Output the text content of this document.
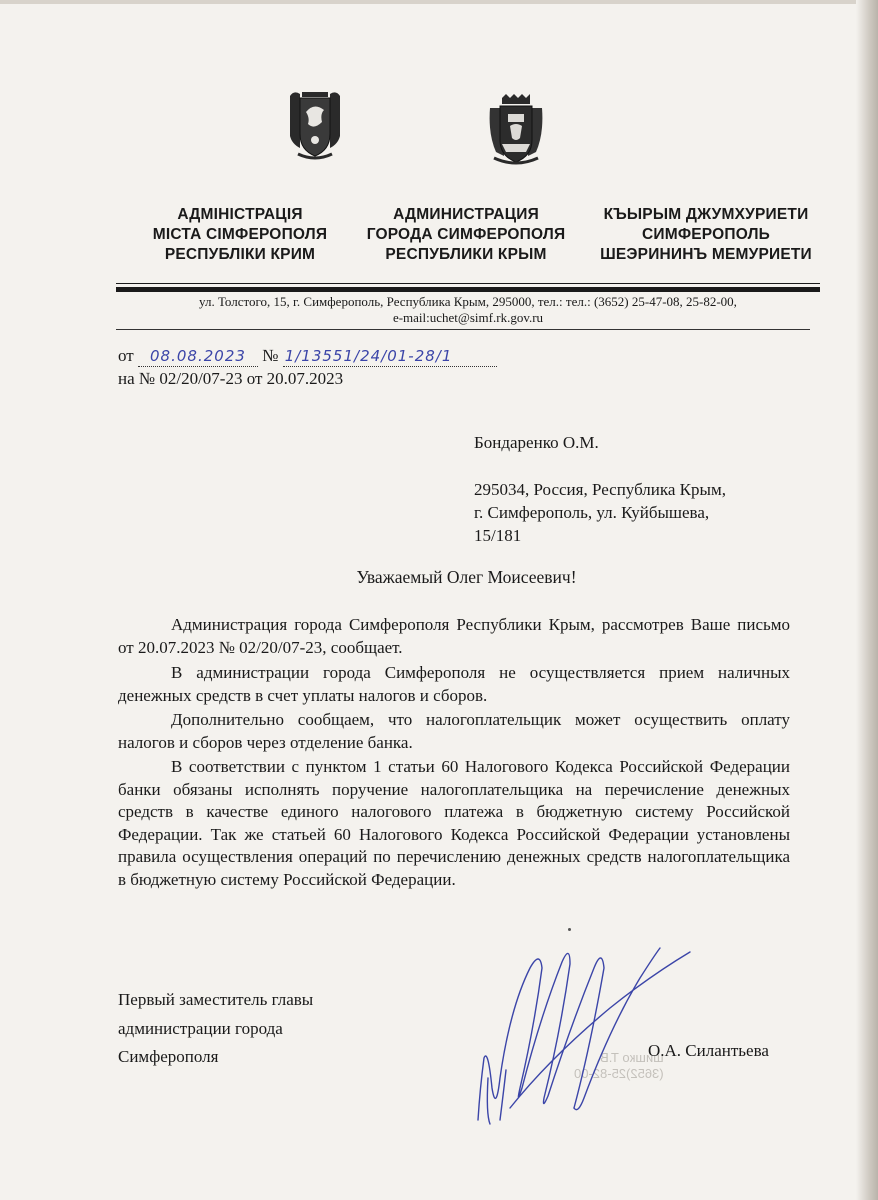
АДМІНІСТРАЦІЯ
МІСТА СІМФЕРОПОЛЯ
РЕСПУБЛІКИ КРИМ
АДМИНИСТРАЦИЯ
ГОРОДА СИМФЕРОПОЛЯ
РЕСПУБЛИКИ КРЫМ
КЪЫРЫМ ДЖУМХУРИЕТИ
СИМФЕРОПОЛЬ
ШЕЭРИНИНЪ МЕМУРИЕТИ
ул. Толстого, 15, г. Симферополь, Республика Крым, 295000, тел.: тел.: (3652) 25-47-08, 25-82-00,
e-mail:uchet@simf.rk.gov.ru
от 08.08.2023 № 1/13551/24/01-28/1
на № 02/20/07-23 от 20.07.2023
Бондаренко О.М.
295034, Россия, Республика Крым,
г. Симферополь, ул. Куйбышева,
15/181
Уважаемый Олег Моисеевич!

Администрация города Симферополя Республики Крым, рассмотрев Ваше письмо от 20.07.2023 № 02/20/07-23, сообщает.

В администрации города Симферополя не осуществляется прием наличных денежных средств в счет уплаты налогов и сборов.

Дополнительно сообщаем, что налогоплательщик может осуществить оплату налогов и сборов через отделение банка.

В соответствии с пунктом 1 статьи 60 Налогового Кодекса Российской Федерации банки обязаны исполнять поручение налогоплательщика на перечисление денежных средств в качестве единого налогового платежа в бюджетную систему Российской Федерации. Так же статьей 60 Налогового Кодекса Российской Федерации установлены правила осуществления операций по перечислению денежных средств налогоплательщика в бюджетную систему Российской Федерации.

Первый заместитель главы
администрации города
Симферополя	шишко Т.В.
(3652)25-82-00
О.А. Силантьева
